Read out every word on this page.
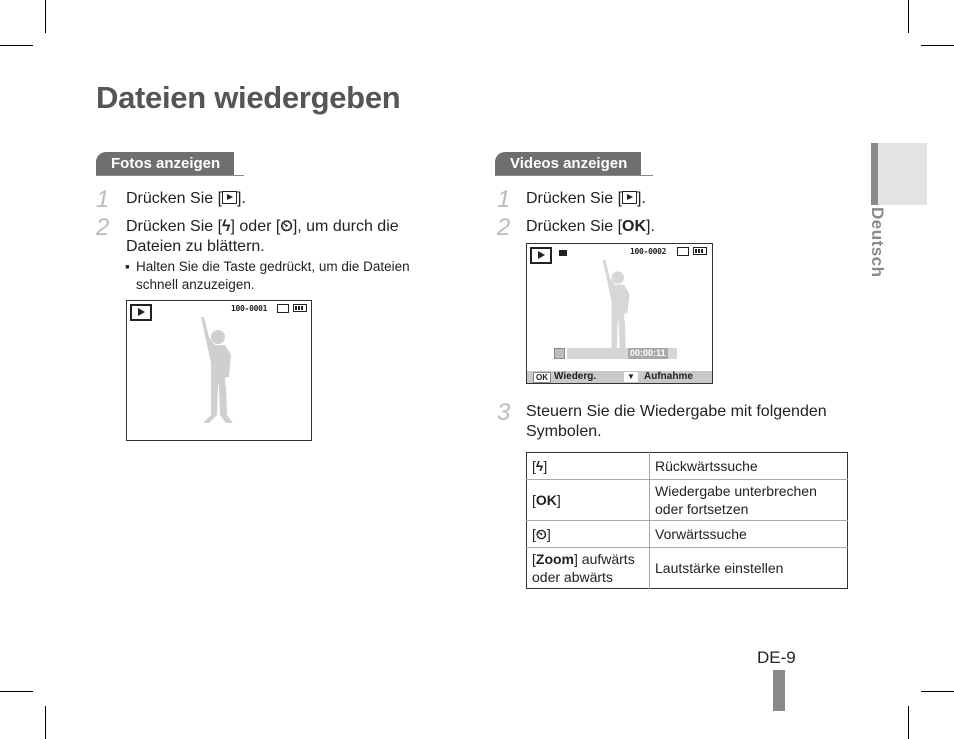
Dateien wiedergeben
Deutsch
Fotos anzeigen
1 Drücken Sie [ ].
2 Drücken Sie [ϟ] oder [⏲], um durch die
Dateien zu blättern.
▪ Halten Sie die Taste gedrückt, um die Dateien
schnell anzuzeigen.
100-0001
Videos anzeigen
1 Drücken Sie [ ].
2 Drücken Sie [OK].
100-0002
00:00:11
OK Wiederg.	▼ Aufnahme
3 Steuern Sie die Wiedergabe mit folgenden
Symbolen.
[ϟ]	Rückwärtssuche
[OK]	Wiedergabe unterbrechen oder fortsetzen
[⏲]	Vorwärtssuche
[Zoom] aufwärts oder abwärts	Lautstärke einstellen
DE-9
